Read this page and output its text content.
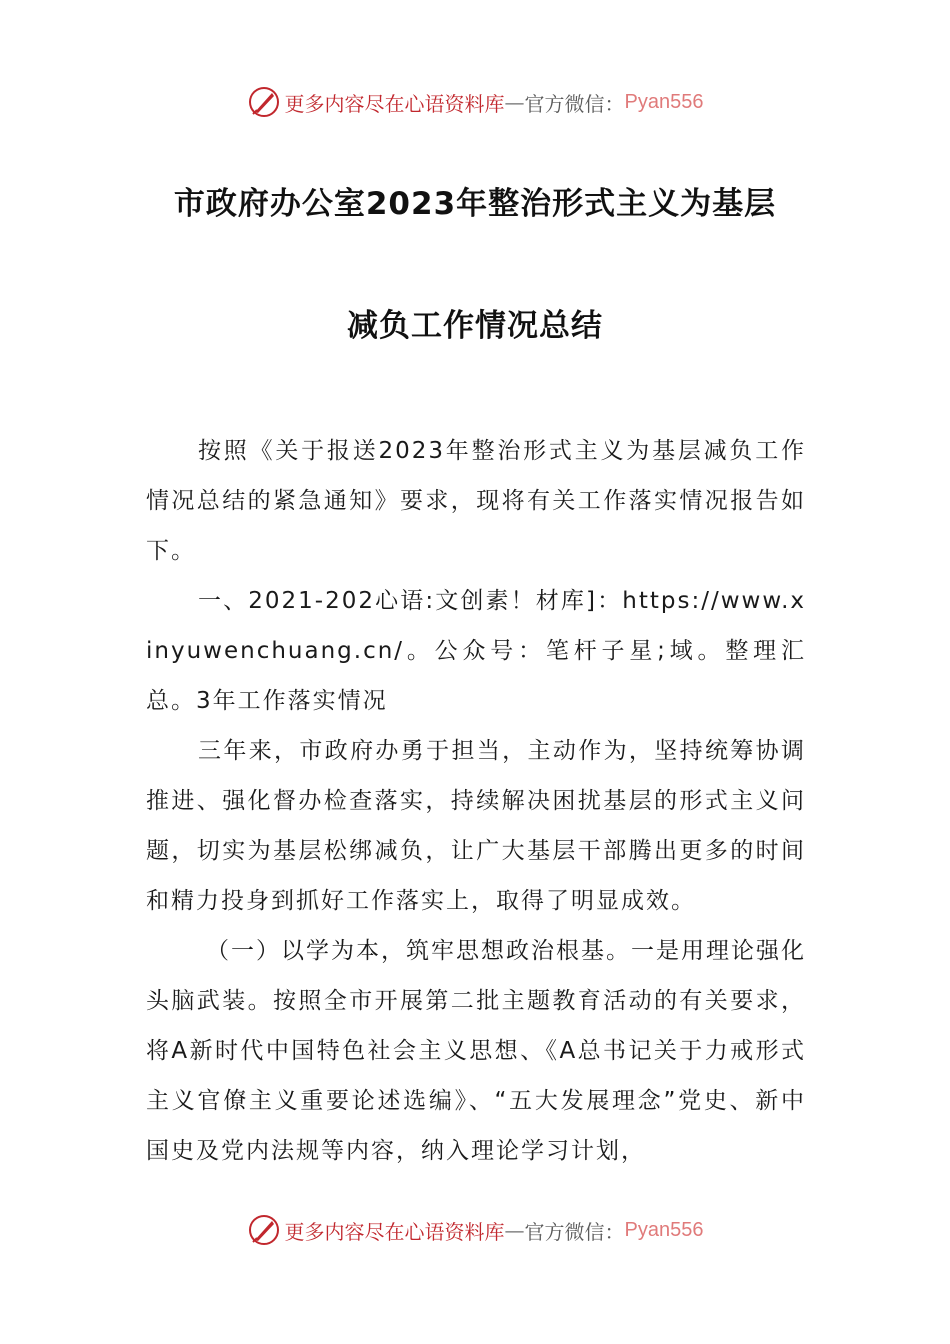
更多内容尽在心语资料库 — 官方微信： Pyan556
市政府办公室2023年整治形式主义为基层
减负工作情况总结

按照《关于报送2023年整治形式主义为基层减负工作情况总结的紧急通知》要求，现将有关工作落实情况报告如下。

一、2021-202心语:文创素！材库]：https://www.xinyuwenchuang.cn/。公众号：笔杆子星;域。整理汇总。3年工作落实情况

三年来，市政府办勇于担当，主动作为，坚持统筹协调推进、强化督办检查落实，持续解决困扰基层的形式主义问题，切实为基层松绑减负，让广大基层干部腾出更多的时间和精力投身到抓好工作落实上，取得了明显成效。

（一）以学为本，筑牢思想政治根基。一是用理论强化头脑武装。按照全市开展第二批主题教育活动的有关要求，将A新时代中国特色社会主义思想、《A总书记关于力戒形式主义官僚主义重要论述选编》、“五大发展理念”党史、新中国史及党内法规等内容，纳入理论学习计划，

更多内容尽在心语资料库 — 官方微信： Pyan556
